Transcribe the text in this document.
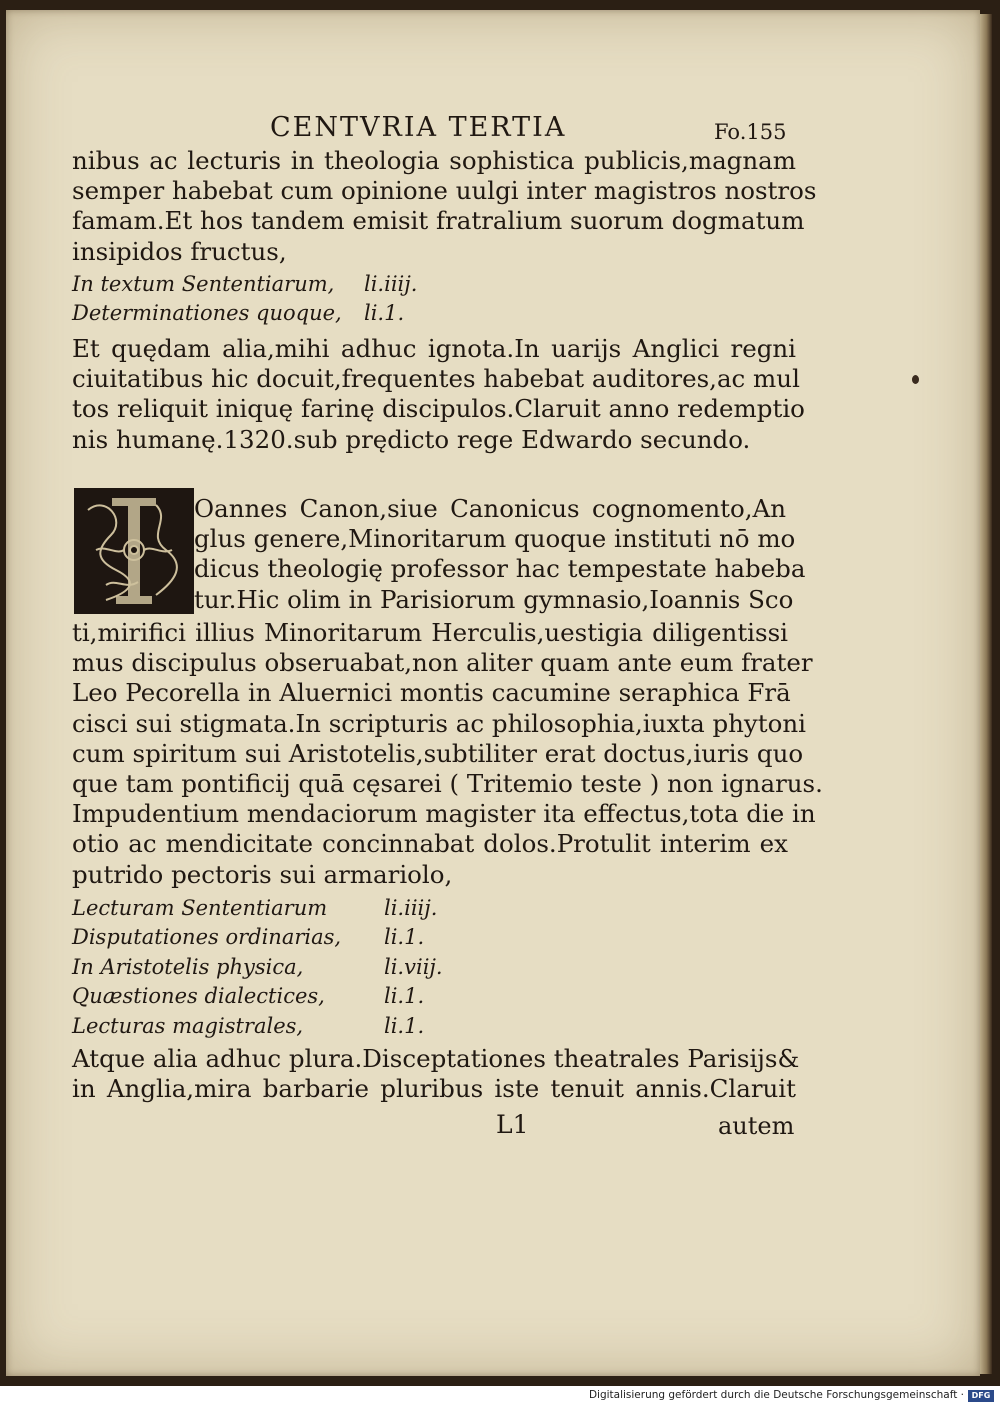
CENTVRIA TERTIA	Fo.155
nibus ac lecturis in theologia sophistica publicis,magnam
semper habebat cum opinione uulgi inter magistros nostros
famam.Et hos tandem emisit fratralium suorum dogmatum
insipidos fructus,
In textum Sententiarum, li.iiij.
Determinationes quoque, li.1.
Et quędam alia,mihi adhuc ignota.In uarijs Anglici regni
ciuitatibus hic docuit,frequentes habebat auditores,ac mul
tos reliquit iniquę farinę discipulos.Claruit anno redemptio
nis humanę.1320.sub prędicto rege Edwardo secundo.
Oannes Canon,siue Canonicus cognomento,An
glus genere,Minoritarum quoque instituti nō mo
dicus theologię professor hac tempestate habeba
tur.Hic olim in Parisiorum gymnasio,Ioannis Sco
ti,mirifici illius Minoritarum Herculis,uestigia diligentissi
mus discipulus obseruabat,non aliter quam ante eum frater
Leo Pecorella in Aluernici montis cacumine seraphica Frā
cisci sui stigmata.In scripturis ac philosophia,iuxta phytoni
cum spiritum sui Aristotelis,subtiliter erat doctus,iuris quo
que tam pontificij quā cęsarei ( Tritemio teste ) non ignarus.
Impudentium mendaciorum magister ita effectus,tota die in
otio ac mendicitate concinnabat dolos.Protulit interim ex
putrido pectoris sui armariolo,
Lecturam Sententiarum	li.iiij.
Disputationes ordinarias, li.1.
In Aristotelis physica,	li.viij.
Quæstiones dialectices,	li.1.
Lecturas magistrales,	li.1.
Atque alia adhuc plura.Disceptationes theatrales Parisijs&
in Anglia,mira barbarie pluribus iste tenuit annis.Claruit
L1	autem
Digitalisierung gefördert durch die Deutsche Forschungsgemeinschaft · DFG
